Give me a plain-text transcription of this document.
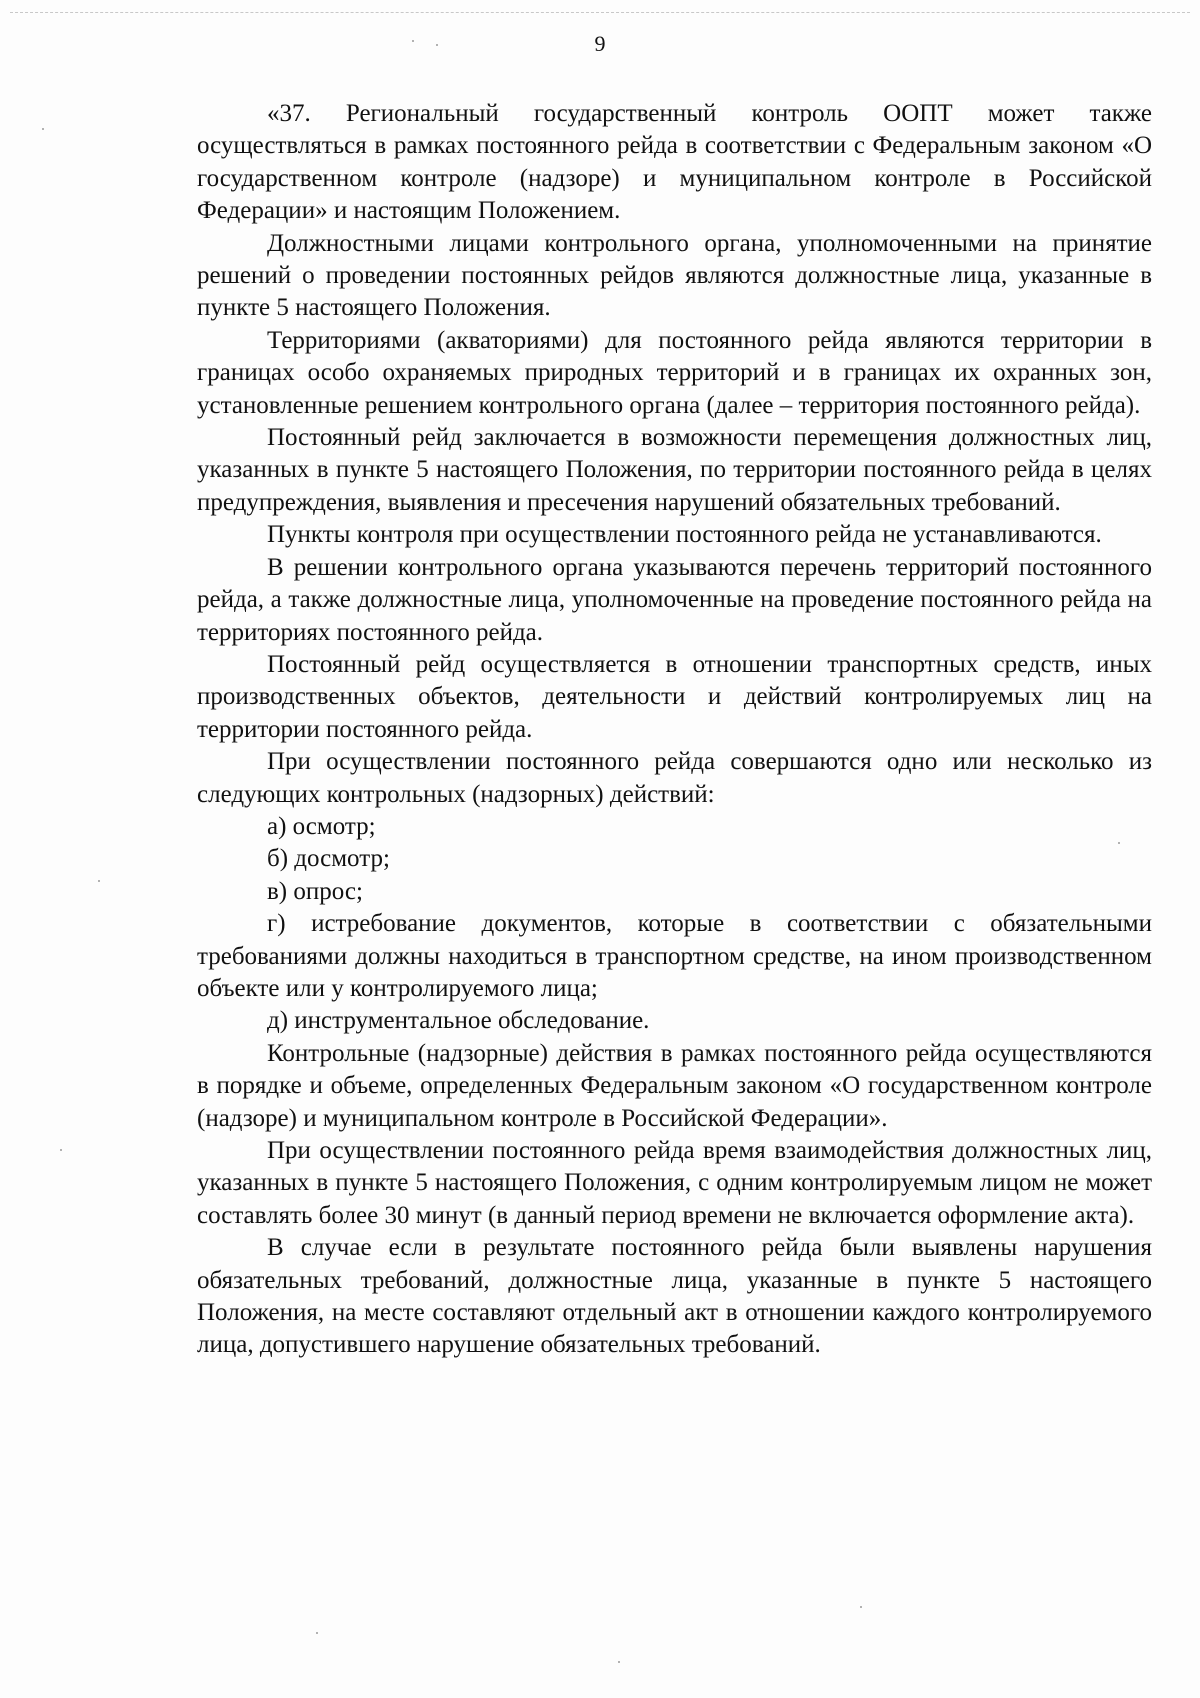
9

«37. Региональный государственный контроль ООПТ может также осуществляться в рамках постоянного рейда в соответствии с Федеральным законом «О государственном контроле (надзоре) и муниципальном контроле в Российской Федерации» и настоящим Положением.

Должностными лицами контрольного органа, уполномоченными на принятие решений о проведении постоянных рейдов являются должностные лица, указанные в пункте 5 настоящего Положения.

Территориями (акваториями) для постоянного рейда являются территории в границах особо охраняемых природных территорий и в границах их охранных зон, установленные решением контрольного органа (далее – территория постоянного рейда).

Постоянный рейд заключается в возможности перемещения должностных лиц, указанных в пункте 5 настоящего Положения, по территории постоянного рейда в целях предупреждения, выявления и пресечения нарушений обязательных требований.

Пункты контроля при осуществлении постоянного рейда не устанавливаются.

В решении контрольного органа указываются перечень территорий постоянного рейда, а также должностные лица, уполномоченные на проведение постоянного рейда на территориях постоянного рейда.

Постоянный рейд осуществляется в отношении транспортных средств, иных производственных объектов, деятельности и действий контролируемых лиц на территории постоянного рейда.

При осуществлении постоянного рейда совершаются одно или несколько из следующих контрольных (надзорных) действий:

а) осмотр;

б) досмотр;

в) опрос;

г) истребование документов, которые в соответствии с обязательными требованиями должны находиться в транспортном средстве, на ином производственном объекте или у контролируемого лица;

д) инструментальное обследование.

Контрольные (надзорные) действия в рамках постоянного рейда осуществляются в порядке и объеме, определенных Федеральным законом «О государственном контроле (надзоре) и муниципальном контроле в Российской Федерации».

При осуществлении постоянного рейда время взаимодействия должностных лиц, указанных в пункте 5 настоящего Положения, с одним контролируемым лицом не может составлять более 30 минут (в данный период времени не включается оформление акта).

В случае если в результате постоянного рейда были выявлены нарушения обязательных требований, должностные лица, указанные в пункте 5 настоящего Положения, на месте составляют отдельный акт в отношении каждого контролируемого лица, допустившего нарушение обязательных требований.
